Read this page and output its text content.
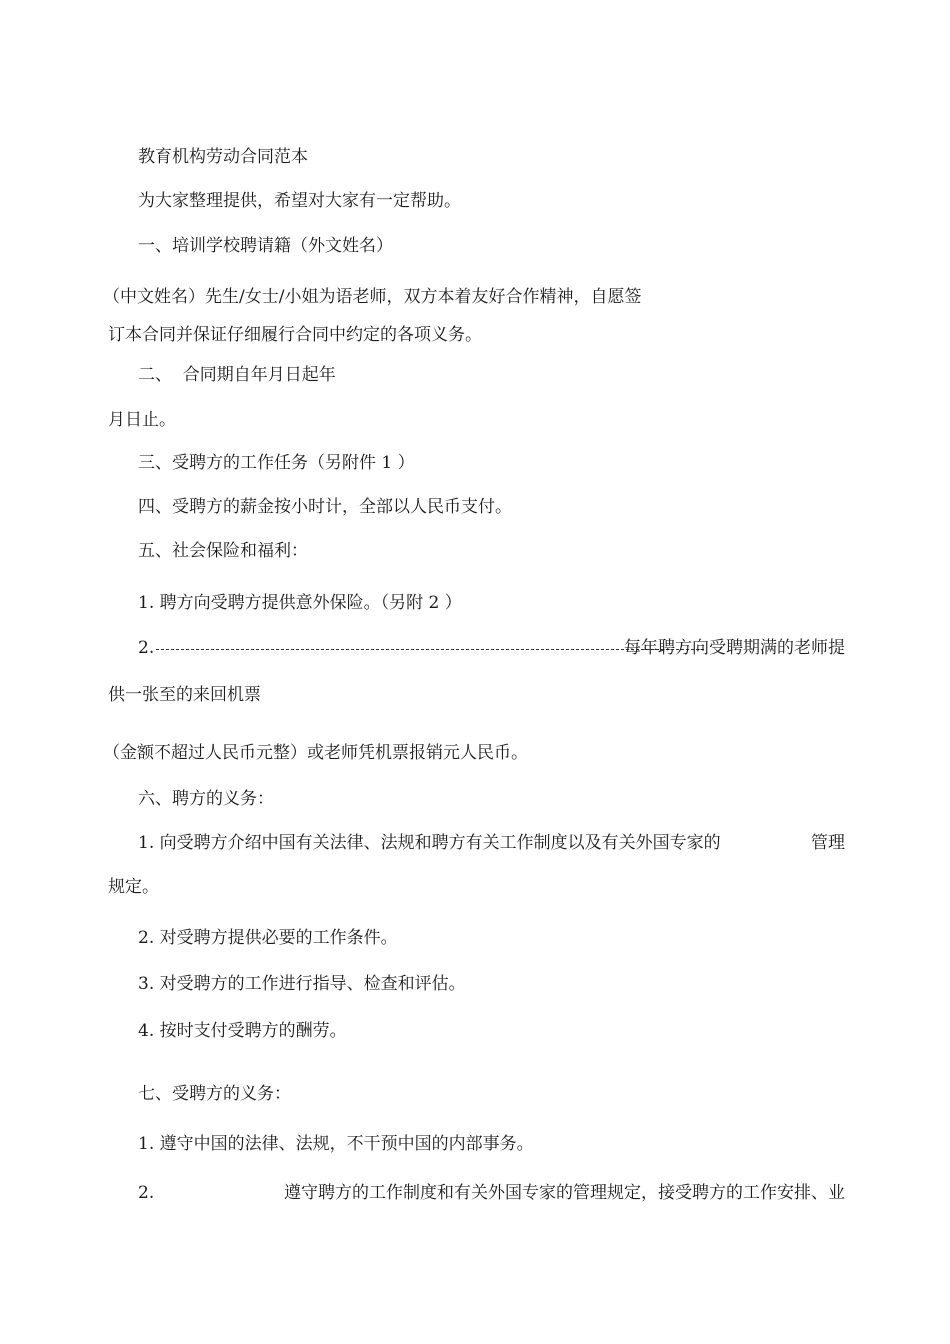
教育机构劳动合同范本
为大家整理提供，希望对大家有一定帮助。
一、培训学校聘请籍（外文姓名）
（中文姓名）先生/女士/小姐为语老师，双方本着友好合作精神，自愿签
订本合同并保证仔细履行合同中约定的各项义务。
二、  合同期自年月日起年
月日止。
三、受聘方的工作任务（另附件 1 ）
四、受聘方的薪金按小时计，全部以人民币支付。
五、社会保险和福利：
1. 聘方向受聘方提供意外保险。（另附 2 ）
2.	每年聘方向受聘期满的老师提
供一张至的来回机票
（金额不超过人民币元整）或老师凭机票报销元人民币。
六、聘方的义务：
1. 向受聘方介绍中国有关法律、法规和聘方有关工作制度以及有关外国专家的	管理
规定。
2. 对受聘方提供必要的工作条件。
3. 对受聘方的工作进行指导、检查和评估。
4. 按时支付受聘方的酬劳。
七、受聘方的义务：
1. 遵守中国的法律、法规，不干预中国的内部事务。
2.	遵守聘方的工作制度和有关外国专家的管理规定，接受聘方的工作安排、业
